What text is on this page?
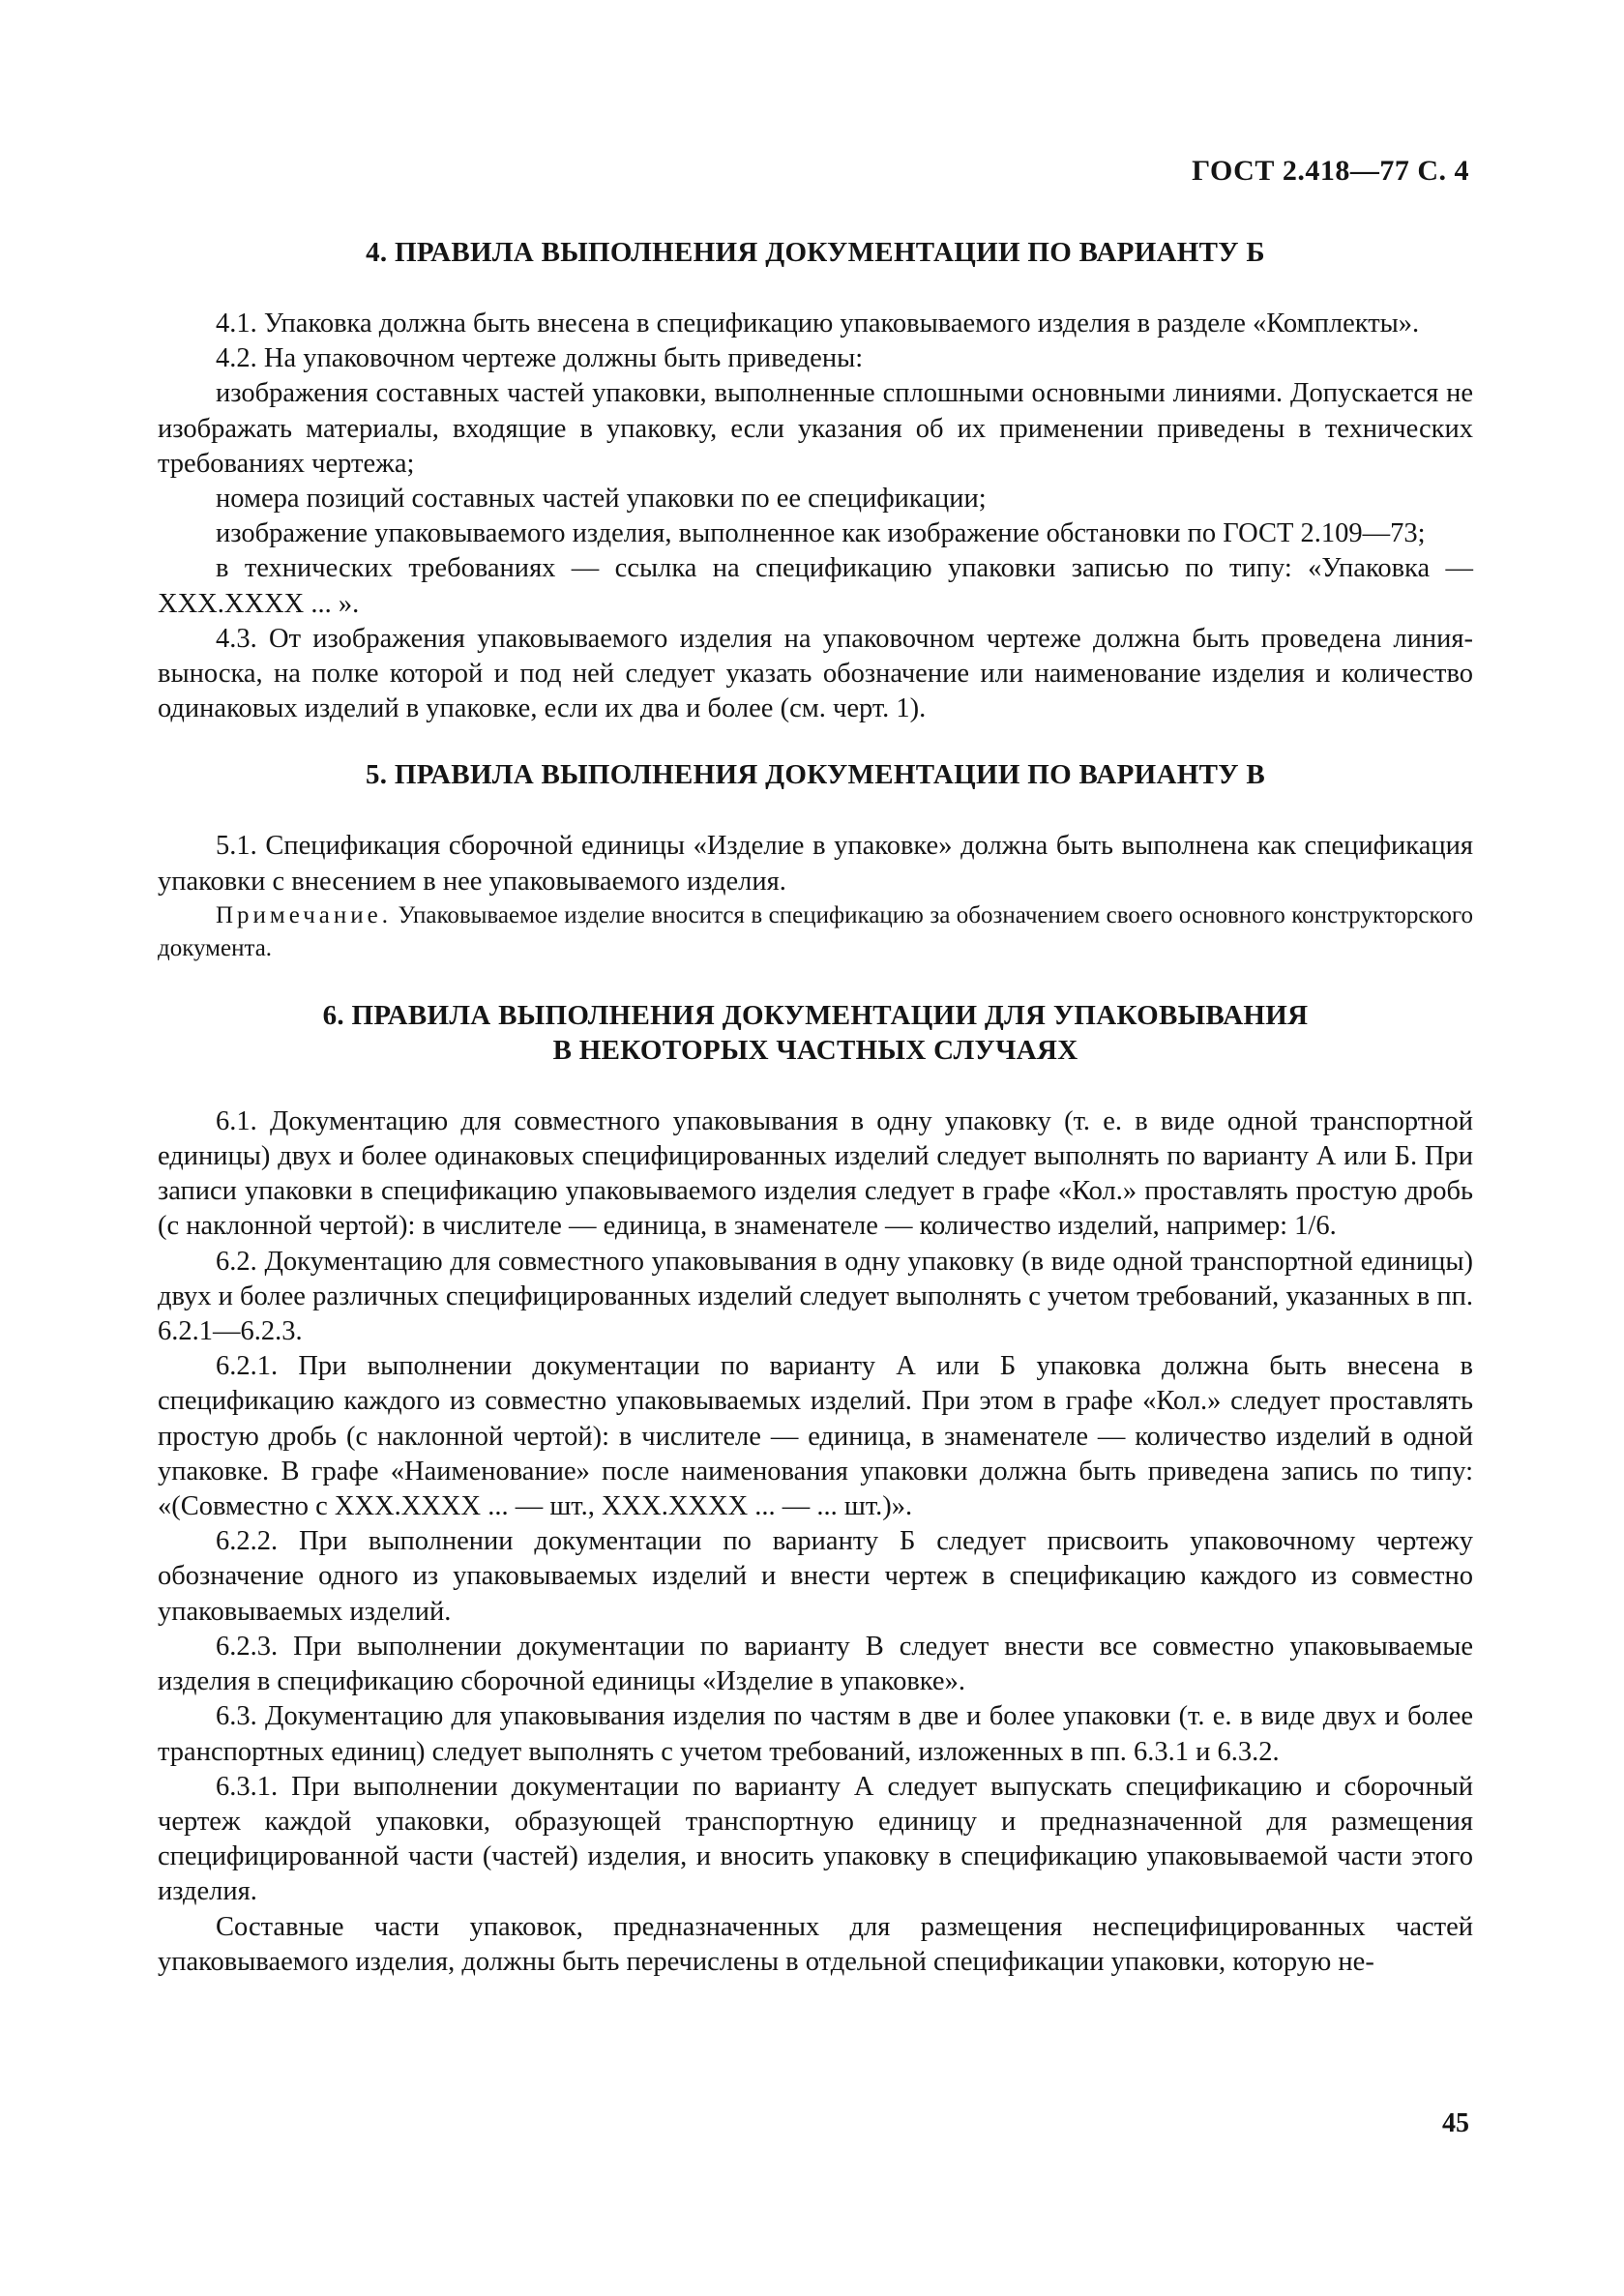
ГОСТ 2.418—77 С. 4
4. ПРАВИЛА ВЫПОЛНЕНИЯ ДОКУМЕНТАЦИИ ПО ВАРИАНТУ Б

4.1. Упаковка должна быть внесена в спецификацию упаковываемого изделия в разделе «Комплекты».

4.2. На упаковочном чертеже должны быть приведены:

изображения составных частей упаковки, выполненные сплошными основными линиями. Допускается не изображать материалы, входящие в упаковку, если указания об их применении приведены в технических требованиях чертежа;

номера позиций составных частей упаковки по ее спецификации;

изображение упаковываемого изделия, выполненное как изображение обстановки по ГОСТ 2.109—73;

в технических требованиях — ссылка на спецификацию упаковки записью по типу: «Упаковка — ХХХ.ХХХХ ... ».

4.3. От изображения упаковываемого изделия на упаковочном чертеже должна быть проведена линия-выноска, на полке которой и под ней следует указать обозначение или наименование изделия и количество одинаковых изделий в упаковке, если их два и более (см. черт. 1).

5. ПРАВИЛА ВЫПОЛНЕНИЯ ДОКУМЕНТАЦИИ ПО ВАРИАНТУ В

5.1. Спецификация сборочной единицы «Изделие в упаковке» должна быть выполнена как спецификация упаковки с внесением в нее упаковываемого изделия.

Примечание. Упаковываемое изделие вносится в спецификацию за обозначением своего основного конструкторского документа.

6. ПРАВИЛА ВЫПОЛНЕНИЯ ДОКУМЕНТАЦИИ ДЛЯ УПАКОВЫВАНИЯ
В НЕКОТОРЫХ ЧАСТНЫХ СЛУЧАЯХ

6.1. Документацию для совместного упаковывания в одну упаковку (т. е. в виде одной транспортной единицы) двух и более одинаковых специфицированных изделий следует выполнять по варианту А или Б. При записи упаковки в спецификацию упаковываемого изделия следует в графе «Кол.» проставлять простую дробь (с наклонной чертой): в числителе — единица, в знаменателе — количество изделий, например: 1/6.

6.2. Документацию для совместного упаковывания в одну упаковку (в виде одной транспортной единицы) двух и более различных специфицированных изделий следует выполнять с учетом требований, указанных в пп. 6.2.1—6.2.3.

6.2.1. При выполнении документации по варианту А или Б упаковка должна быть внесена в спецификацию каждого из совместно упаковываемых изделий. При этом в графе «Кол.» следует проставлять простую дробь (с наклонной чертой): в числителе — единица, в знаменателе — количество изделий в одной упаковке. В графе «Наименование» после наименования упаковки должна быть приведена запись по типу: «(Совместно с ХХХ.ХХХХ ... — шт., ХХХ.ХХХХ ... — ... шт.)».

6.2.2. При выполнении документации по варианту Б следует присвоить упаковочному чертежу обозначение одного из упаковываемых изделий и внести чертеж в спецификацию каждого из совместно упаковываемых изделий.

6.2.3. При выполнении документации по варианту В следует внести все совместно упаковываемые изделия в спецификацию сборочной единицы «Изделие в упаковке».

6.3. Документацию для упаковывания изделия по частям в две и более упаковки (т. е. в виде двух и более транспортных единиц) следует выполнять с учетом требований, изложенных в пп. 6.3.1 и 6.3.2.

6.3.1. При выполнении документации по варианту А следует выпускать спецификацию и сборочный чертеж каждой упаковки, образующей транспортную единицу и предназначенной для размещения специфицированной части (частей) изделия, и вносить упаковку в спецификацию упаковываемой части этого изделия.

Составные части упаковок, предназначенных для размещения неспецифицированных частей упаковываемого изделия, должны быть перечислены в отдельной спецификации упаковки, которую не-

45
